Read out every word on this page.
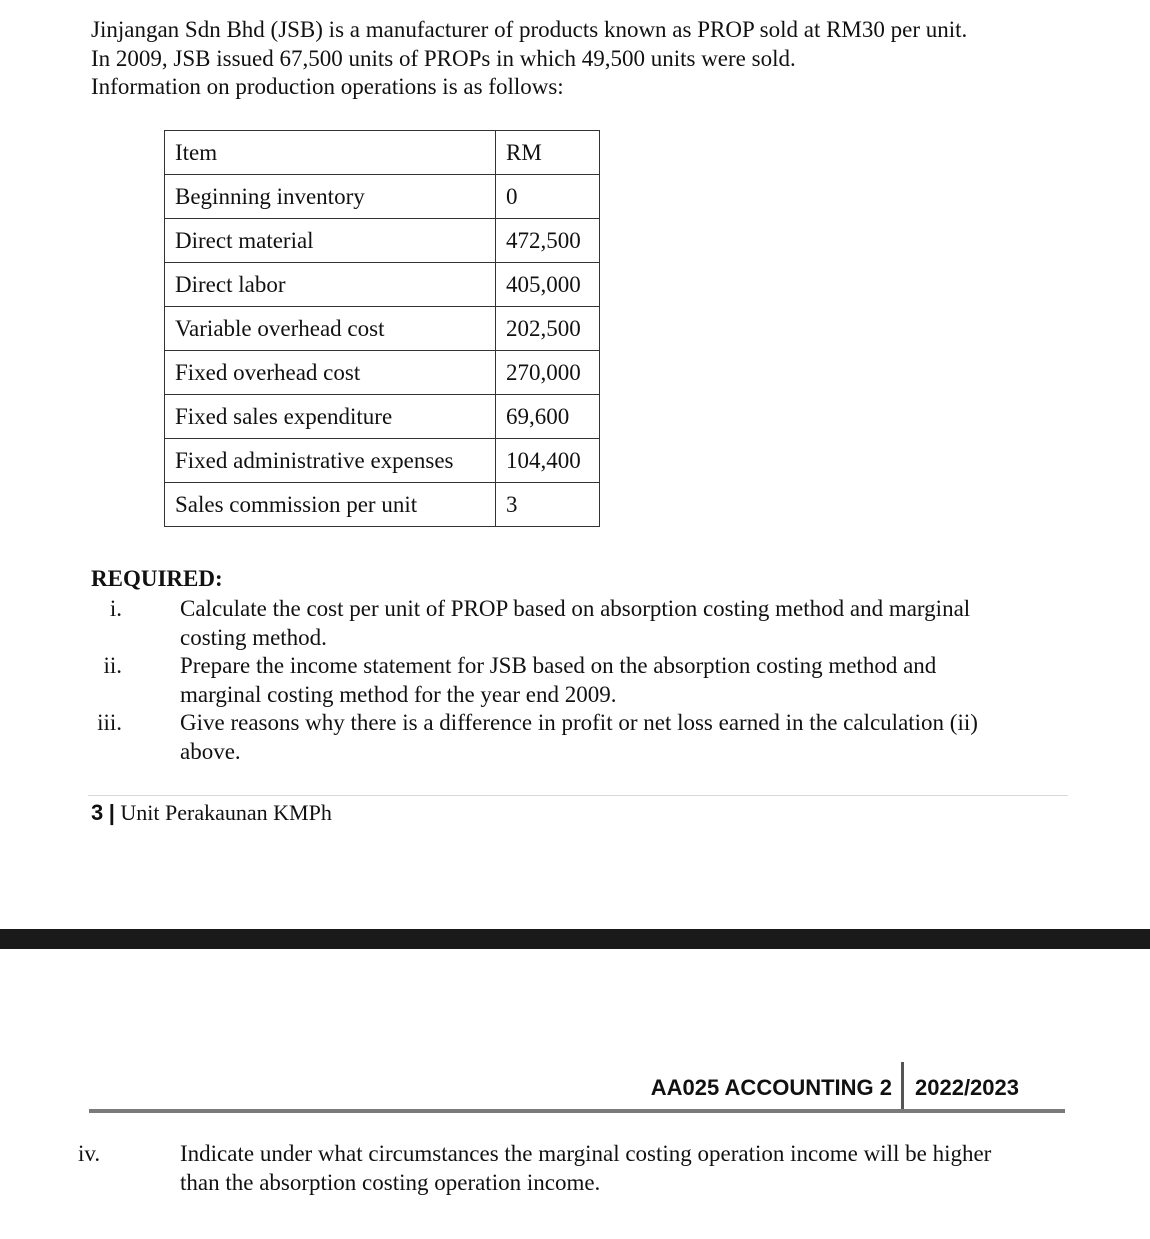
Jinjangan Sdn Bhd (JSB) is a manufacturer of products known as PROP sold at RM30 per unit.

In 2009, JSB issued 67,500 units of PROPs in which 49,500 units were sold.

Information on production operations is as follows:

Item	RM
Beginning inventory	0
Direct material	472,500
Direct labor	405,000
Variable overhead cost	202,500
Fixed overhead cost	270,000
Fixed sales expenditure	69,600
Fixed administrative expenses	104,400
Sales commission per unit	3
REQUIRED:
i.	Calculate the cost per unit of PROP based on absorption costing method and marginal
costing method.
ii.	Prepare the income statement for JSB based on the absorption costing method and
marginal costing method for the year end 2009.
iii.	Give reasons why there is a difference in profit or net loss earned in the calculation (ii)
above.
3 | Unit Perakaunan KMPh
AA025 ACCOUNTING 2 2022/2023
iv.	Indicate under what circumstances the marginal costing operation income will be higher
than the absorption costing operation income.
